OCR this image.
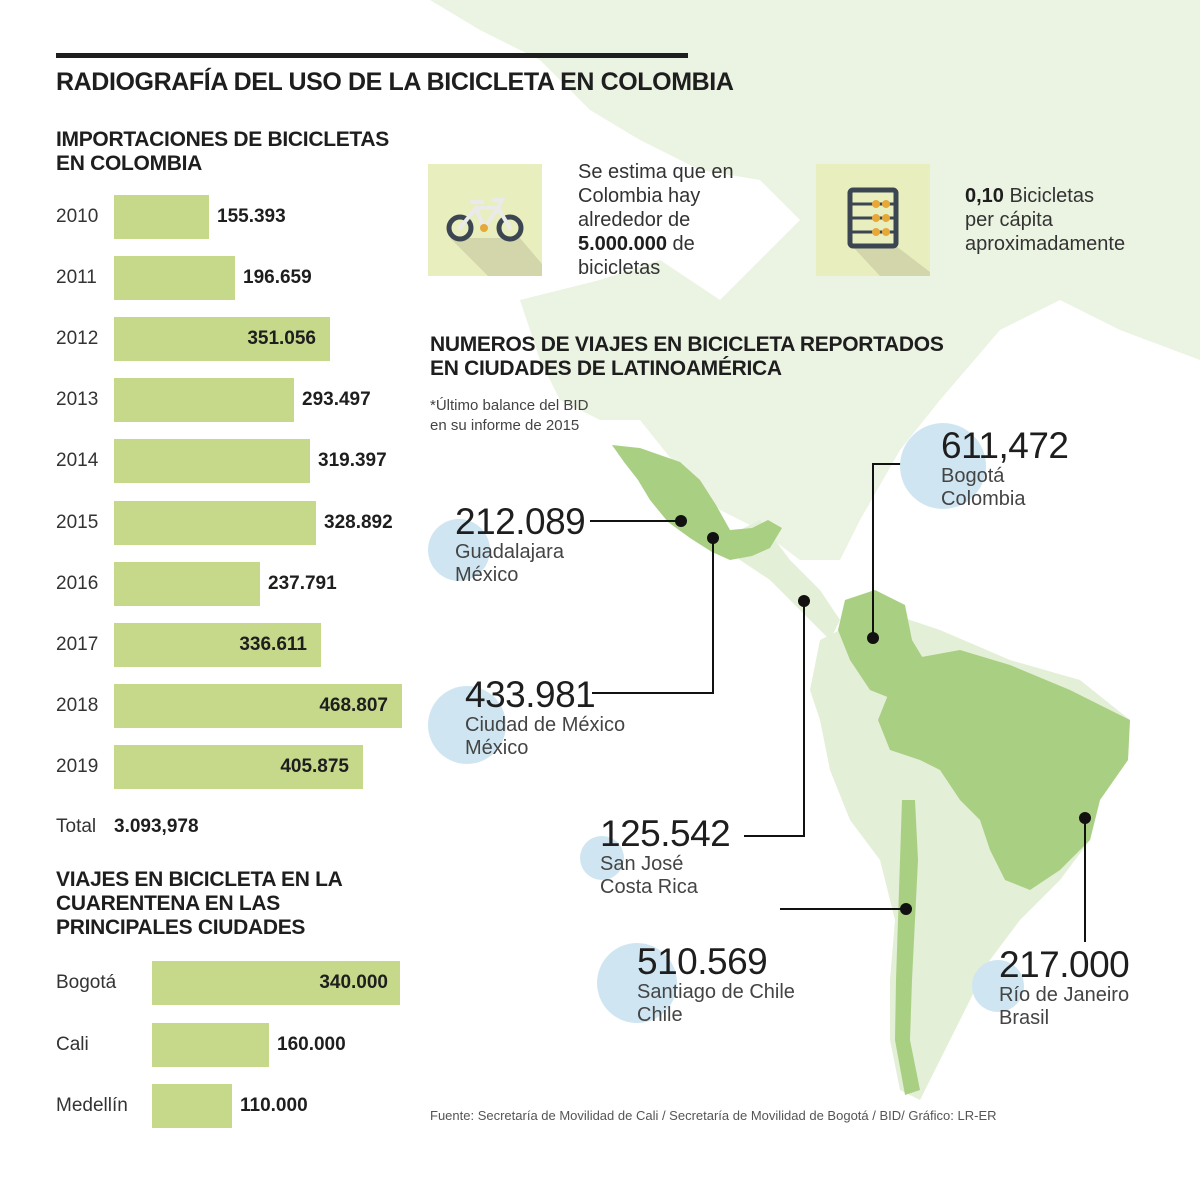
RADIOGRAFÍA DEL USO DE LA BICICLETA EN COLOMBIA
IMPORTACIONES DE BICICLETAS
EN COLOMBIA
2010	155.393
2011	196.659
2012	351.056
2013	293.497
2014	319.397
2015	328.892
2016	237.791
2017	336.611
2018	468.807
2019	405.875
Total 3.093,978
VIAJES EN BICICLETA EN LA
CUARENTENA EN LAS
PRINCIPALES CIUDADES
Bogotá	340.000
Cali	160.000
Medellín	110.000
Se estima que en
Colombia hay
alrededor de
5.000.000 de
bicicletas
0,10 Bicicletas
per cápita
aproximadamente
NUMEROS DE VIAJES EN BICICLETA REPORTADOS
EN CIUDADES DE LATINOAMÉRICA
*Último balance del BID
en su informe de 2015	611,472
Bogotá
Colombia
212.089
Guadalajara
México
433.981
Ciudad de México
México
125.542
San José
Costa Rica
510.569
Santiago de Chile
Chile
217.000
Río de Janeiro
Brasil
Fuente: Secretaría de Movilidad de Cali / Secretaría de Movilidad de Bogotá / BID/ Gráfico: LR-ER
